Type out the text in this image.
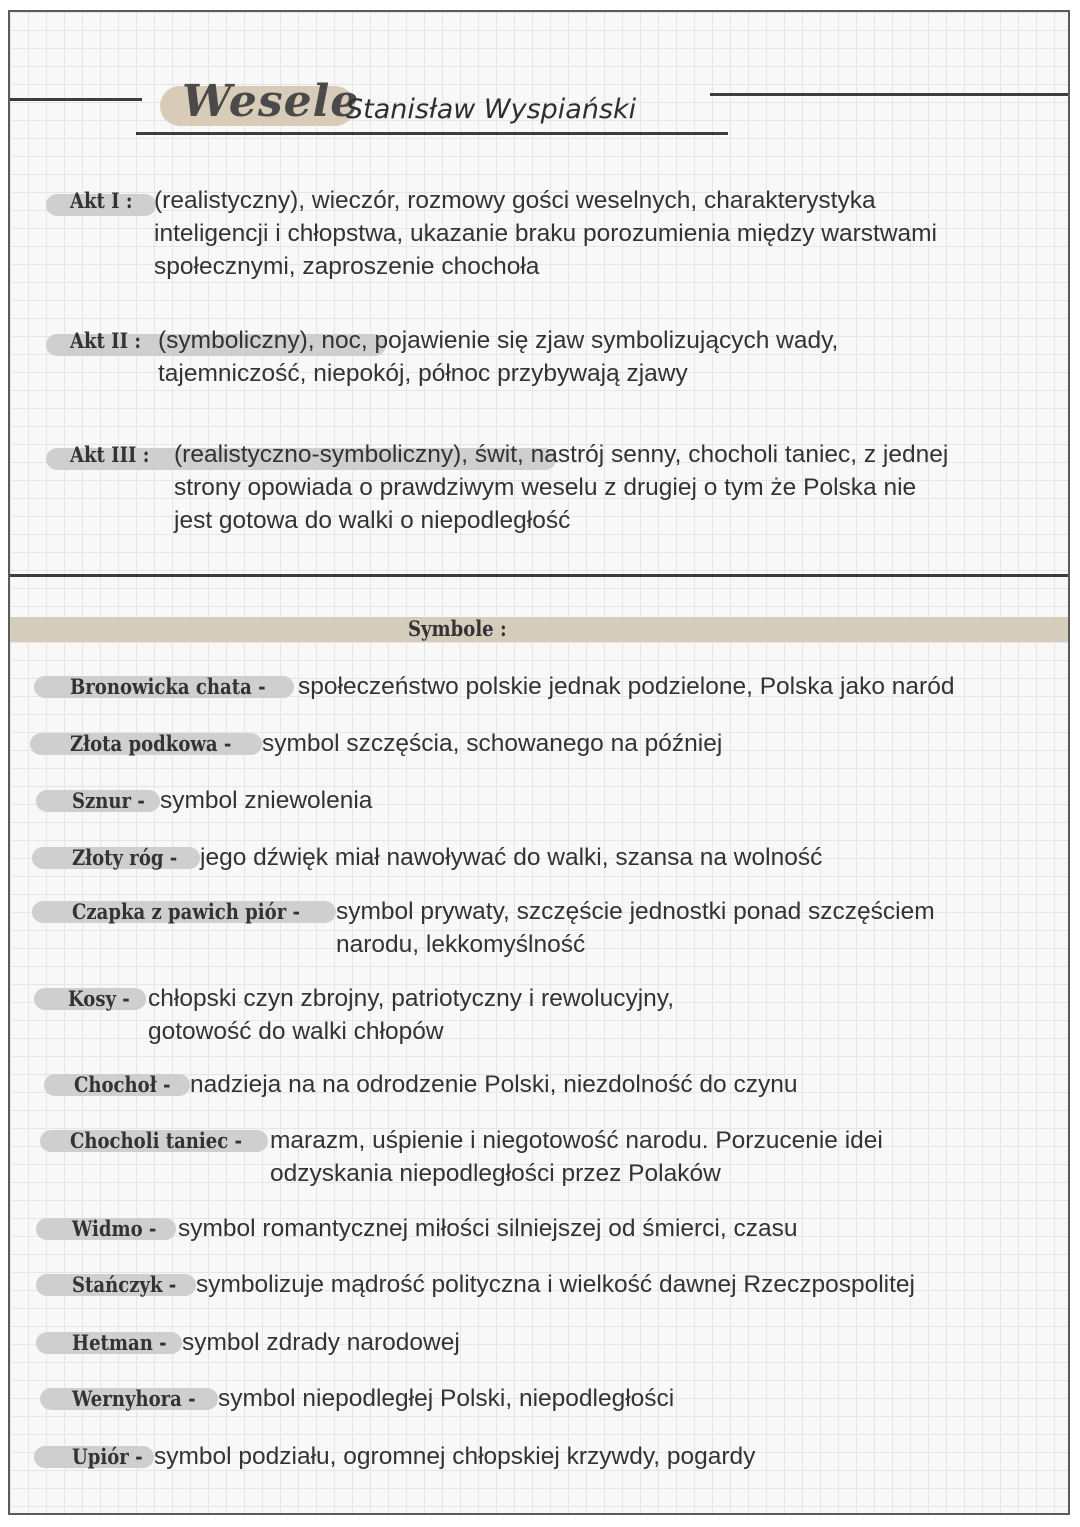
Wesele
Stanisław Wyspiański
Akt I : (realistyczny), wieczór, rozmowy gości weselnych, charakterystyka
inteligencji i chłopstwa, ukazanie braku porozumienia między warstwami
społecznymi, zaproszenie chochoła
Akt II : (symboliczny), noc, pojawienie się zjaw symbolizujących wady,
tajemniczość, niepokój, północ przybywają zjawy
Akt III : (realistyczno-symboliczny), świt, nastrój senny, chocholi taniec, z jednej
strony opowiada o prawdziwym weselu z drugiej o tym że Polska nie
jest gotowa do walki o niepodległość
Symbole :
Bronowicka chata - społeczeństwo polskie jednak podzielone, Polska jako naród
Złota podkowa - symbol szczęścia, schowanego na później
Sznur - symbol zniewolenia
Złoty róg - jego dźwięk miał nawoływać do walki, szansa na wolność
Czapka z pawich piór - symbol prywaty, szczęście jednostki ponad szczęściem
narodu, lekkomyślność
Kosy - chłopski czyn zbrojny, patriotyczny i rewolucyjny,
gotowość do walki chłopów
Chochoł - nadzieja na na odrodzenie Polski, niezdolność do czynu
Chocholi taniec - marazm, uśpienie i niegotowość narodu. Porzucenie idei
odzyskania niepodległości przez Polaków
Widmo - symbol romantycznej miłości silniejszej od śmierci, czasu
Stańczyk - symbolizuje mądrość polityczna i wielkość dawnej Rzeczpospolitej
Hetman - symbol zdrady narodowej
Wernyhora - symbol niepodległej Polski, niepodległości
Upiór - symbol podziału, ogromnej chłopskiej krzywdy, pogardy
